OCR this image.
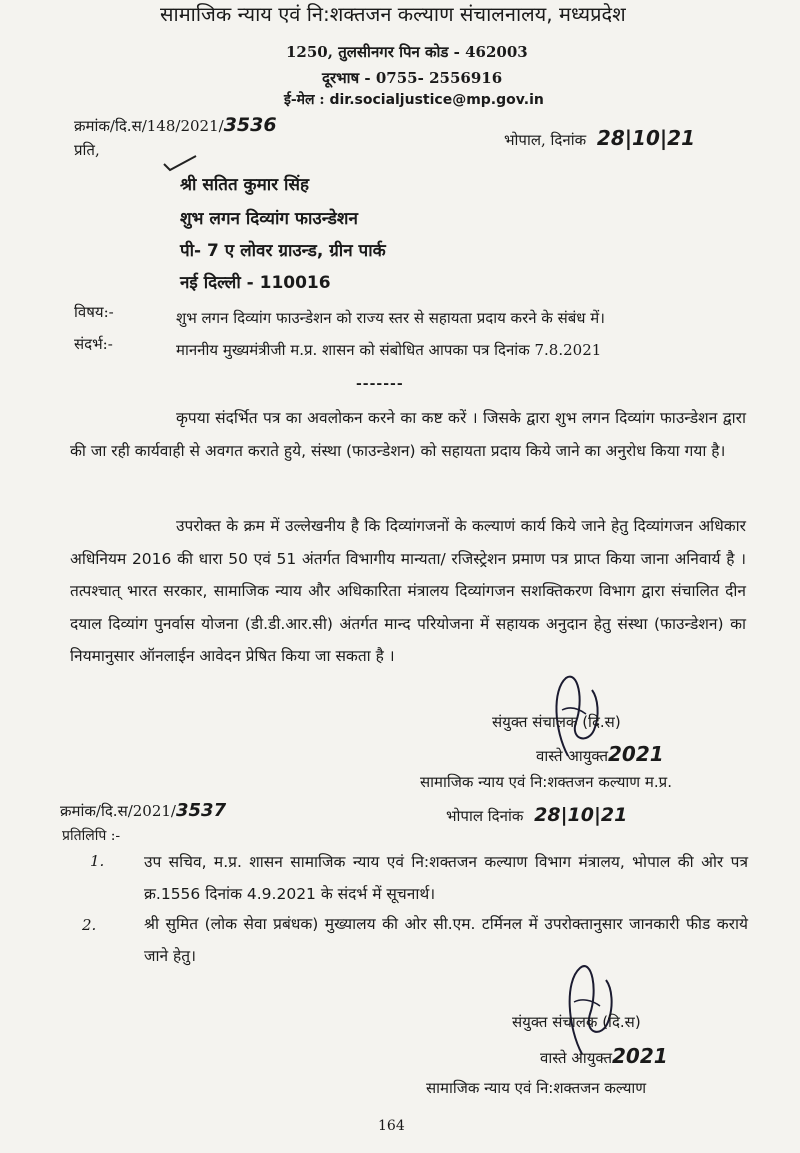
सामाजिक न्याय एवं नि:शक्तजन कल्याण संचालनालय, मध्यप्रदेश
1250, तुलसीनगर पिन कोड - 462003
दूरभाष - 0755- 2556916
ई-मेल : dir.socialjustice@mp.gov.in
क्रमांक/दि.स/148/2021/3536
प्रति,
भोपाल, दिनांक 28|10|21
श्री सतित कुमार सिंह
शुभ लगन दिव्यांग फाउन्डेशन
पी- 7 ए लोवर ग्राउन्ड, ग्रीन पार्क
नई दिल्ली - 110016
विषय:-	शुभ लगन दिव्यांग फाउन्डेशन को राज्य स्तर से सहायता प्रदाय करने के संबंध में।
संदर्भ:-	माननीय मुख्यमंत्रीजी म.प्र. शासन को संबोधित आपका पत्र दिनांक 7.8.2021
-------
कृपया संदर्भित पत्र का अवलोकन करने का कष्ट करें । जिसके द्वारा शुभ लगन दिव्यांग फाउन्डेशन द्वारा की जा रही कार्यवाही से अवगत कराते हुये, संस्था (फाउन्डेशन) को सहायता प्रदाय किये जाने का अनुरोध किया गया है।
उपरोक्त के क्रम में उल्लेखनीय है कि दिव्यांगजनों के कल्याणं कार्य किये जाने हेतु दिव्यांगजन अधिकार अधिनियम 2016 की धारा 50 एवं 51 अंतर्गत विभागीय मान्यता/ रजिस्ट्रेशन प्रमाण पत्र प्राप्त किया जाना अनिवार्य है । तत्पश्चात् भारत सरकार, सामाजिक न्याय और अधिकारिता मंत्रालय दिव्यांगजन सशक्तिकरण विभाग द्वारा संचालित दीन दयाल दिव्यांग पुनर्वास योजना (डी.डी.आर.सी) अंतर्गत मान्द परियोजना में सहायक अनुदान हेतु संस्था (फाउन्डेशन) का नियमानुसार ऑनलाईन आवेदन प्रेषित किया जा सकता है ।
संयुक्त संचालक (दि.स)
वास्ते आयुक्त2021
सामाजिक न्याय एवं नि:शक्तजन कल्याण म.प्र.
क्रमांक/दि.स/2021/3537	भोपाल दिनांक 28|10|21
प्रतिलिपि :-
1.	उप सचिव, म.प्र. शासन सामाजिक न्याय एवं नि:शक्तजन कल्याण विभाग मंत्रालय, भोपाल की ओर पत्र क्र.1556 दिनांक 4.9.2021 के संदर्भ में सूचनार्थ।
2.	श्री सुमित (लोक सेवा प्रबंधक) मुख्यालय की ओर सी.एम. टर्मिनल में उपरोक्तानुसार जानकारी फीड कराये जाने हेतु।
संयुक्त संचालक (दि.स)
वास्ते आयुक्त2021
सामाजिक न्याय एवं नि:शक्तजन कल्याण
164
